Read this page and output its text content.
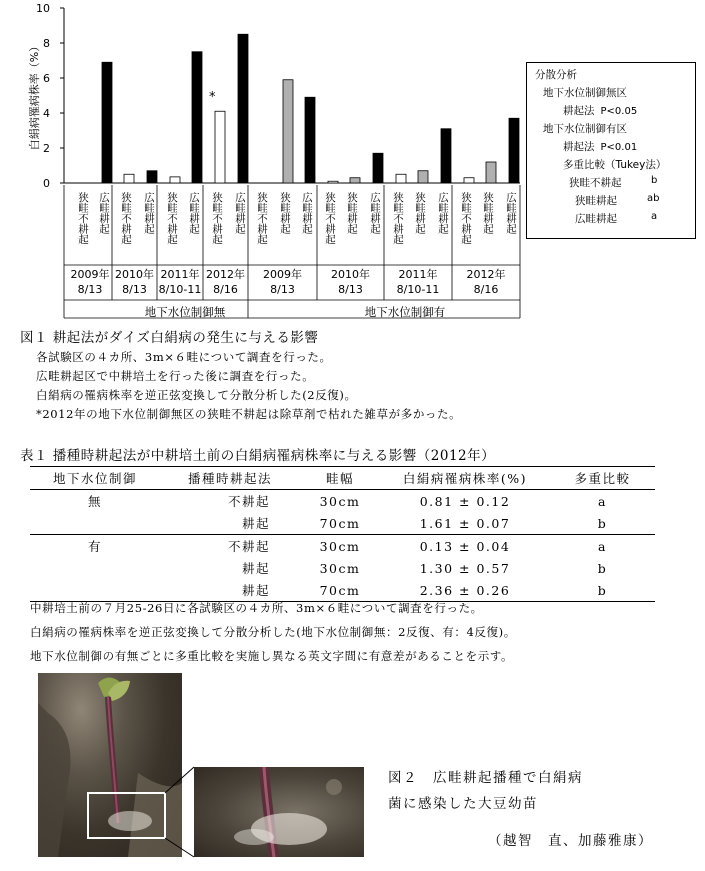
0
2
4
6
8
10
白絹病罹病株率（%）
狭畦不耕起 広畦耕起 狭畦不耕起 広畦耕起 狭畦不耕起 広畦耕起 狭畦不耕起 広畦耕起 狭畦不耕起 狭畦耕起 広畦耕起 狭畦不耕起 狭畦耕起 広畦耕起 狭畦不耕起 狭畦耕起 広畦耕起 狭畦不耕起 狭畦耕起 広畦耕起
2009年
8/13
2010年
8/13
2011年
8/10-11
2012年
8/16
2009年
8/13
2010年
8/13
2011年
8/10-11
2012年
8/16
地下水位制御無	地下水位制御有
*
分散分析
地下水位制御無区
耕起法 P<0.05
地下水位制御有区
耕起法 P<0.01
多重比較（Tukey法）
狭畦不耕起	b
狭畦耕起	ab
広畦耕起	a
図１ 耕起法がダイズ白絹病の発生に与える影響
各試験区の４カ所、3m×６畦について調査を行った。
広畦耕起区で中耕培土を行った後に調査を行った。
白絹病の罹病株率を逆正弦変換して分散分析した(2反復)。
*2012年の地下水位制御無区の狭畦不耕起は除草剤で枯れた雑草が多かった。
表１ 播種時耕起法が中耕培土前の白絹病罹病株率に与える影響（2012年）
地下水位制御	播種時耕起法	畦幅	白絹病罹病株率(%)	多重比較
無	不耕起	30cm	0.81 ± 0.12	a
	耕起	70cm	1.61 ± 0.07	b
有	不耕起	30cm	0.13 ± 0.04	a
	耕起	30cm	1.30 ± 0.57	b
	耕起	70cm	2.36 ± 0.26	b
中耕培土前の７月25-26日に各試験区の４カ所、3m×６畦について調査を行った。
白絹病の罹病株率を逆正弦変換して分散分析した(地下水位制御無：2反復、有：4反復)。
地下水位制御の有無ごとに多重比較を実施し異なる英文字間に有意差があることを示す。
図２　広畦耕起播種で白絹病
菌に感染した大豆幼苗
（越智　直、加藤雅康）
